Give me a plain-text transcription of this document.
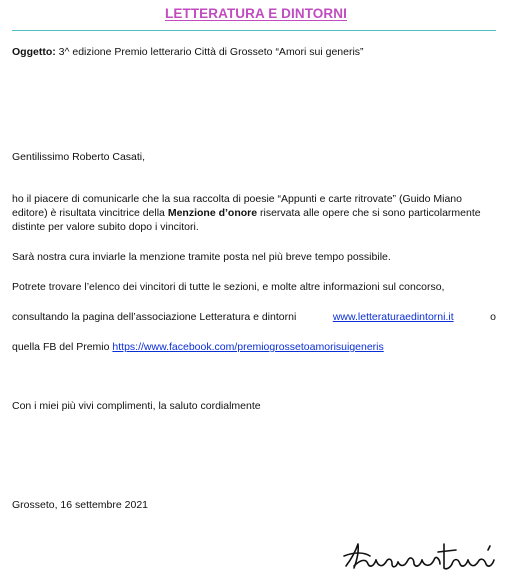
LETTERATURA E DINTORNI
Oggetto: 3^ edizione Premio letterario Città di Grosseto “Amori sui generis”
Gentilissimo Roberto Casati,
ho il piacere di comunicarle che la sua raccolta di poesie “Appunti e carte ritrovate” (Guido Miano editore) è risultata vincitrice della Menzione d’onore riservata alle opere che si sono particolarmente distinte per valore subito dopo i vincitori.
Sarà nostra cura inviarle la menzione tramite posta nel più breve tempo possibile.
Potrete trovare l’elenco dei vincitori di tutte le sezioni, e molte altre informazioni sul concorso,
consultando la pagina dell’associazione Letteratura e dintorni	www.letteraturaedintorni.it	o
quella FB del Premio https://www.facebook.com/premiogrossetoamorisuigeneris
Con i miei più vivi complimenti, la saluto cordialmente
Grosseto, 16 settembre 2021
